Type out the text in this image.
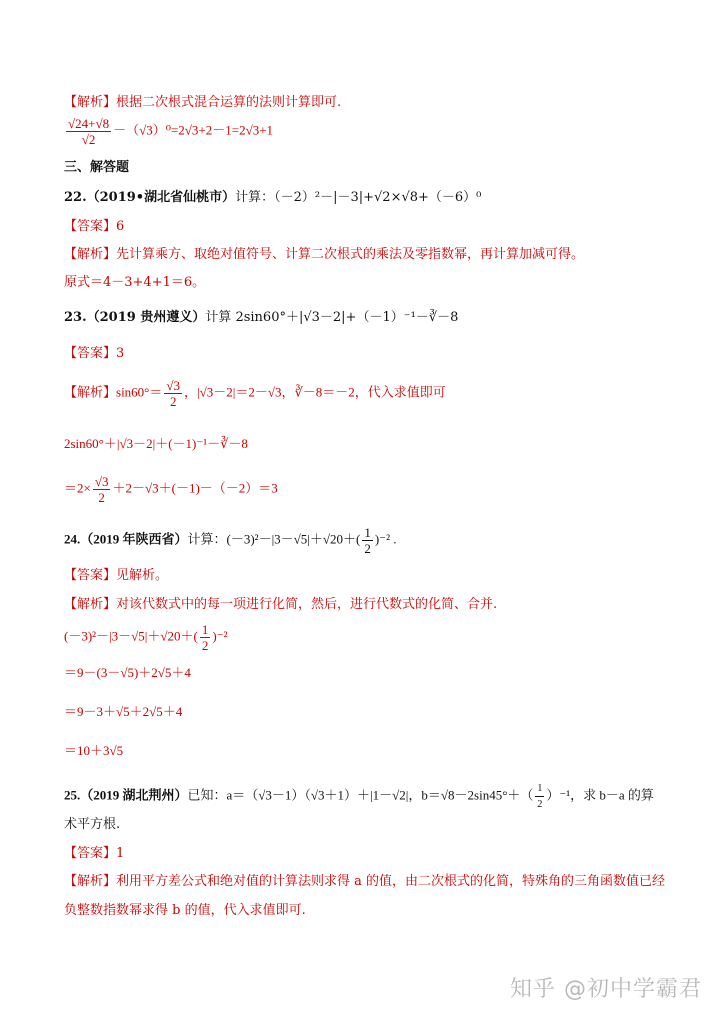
【解析】根据二次根式混合运算的法则计算即可.
$\frac{√24+√8}{√2} -(√3)^0=2√3+2-1=2√3+1$
三、解答题
22.（2019•湖北省仙桃市）计算：（－2）²－|－3|+√2×√8+（－6）⁰
【答案】6
【解析】先计算乘方、取绝对值符号、计算二次根式的乘法及零指数幂，再计算加减可得。
原式＝4－3+4+1＝6。
23.（2019 贵州遵义）计算 2sin60°＋|√3－2|+（－1）⁻¹－∛－8
【答案】3
【解析】$\sin 60^\circ= \frac{√3}{2}$ ，|√3－2|＝2－√3，∛－8＝－2，代入求值即可
2sin60°＋|√3－2|＋(－1)⁻¹－∛－8
$=2\times \frac{√3}{2} +2-√3+(-1)-(-2)=3$
24.（2019 年陕西省）计算：$(-3)^2-|3-√5|+√20+( \frac{1}{2} )^{-2}$ .
【答案】见解析。
【解析】对该代数式中的每一项进行化简，然后，进行代数式的化简、合并.
$(-3)^2-|3-√5|+√20+( \frac{1}{2} )^{-2}$
＝9－(3－√5)＋2√5＋4
＝9－3＋√5＋2√5＋4
＝10＋3√5
25.（2019 湖北荆州）已知：a＝（√3－1）（√3＋1）＋|1－√2|，$b=√8-2\sin 45^\circ+( \frac{1}{2} )^{-1}$，求 b－a 的算
术平方根.
【答案】1
【解析】利用平方差公式和绝对值的计算法则求得 a 的值，由二次根式的化简，特殊角的三角函数值已经
负整数指数幂求得 b 的值，代入求值即可.
知乎 @初中学霸君
